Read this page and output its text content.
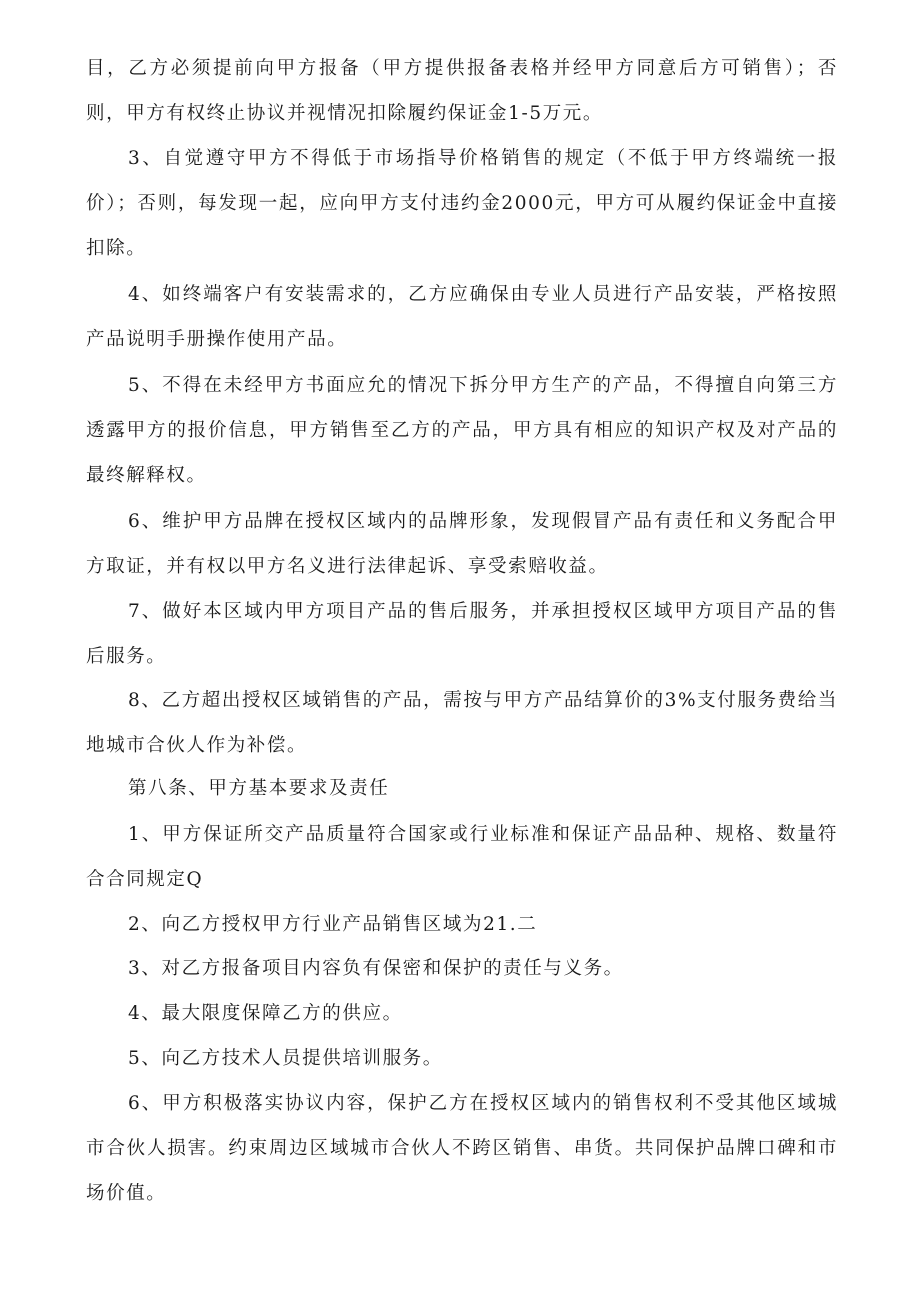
目，乙方必须提前向甲方报备（甲方提供报备表格并经甲方同意后方可销售）；否则，甲方有权终止协议并视情况扣除履约保证金1-5万元。

3、自觉遵守甲方不得低于市场指导价格销售的规定（不低于甲方终端统一报价）；否则，每发现一起，应向甲方支付违约金2000元，甲方可从履约保证金中直接扣除。

4、如终端客户有安装需求的，乙方应确保由专业人员进行产品安装，严格按照产品说明手册操作使用产品。

5、不得在未经甲方书面应允的情况下拆分甲方生产的产品，不得擅自向第三方透露甲方的报价信息，甲方销售至乙方的产品，甲方具有相应的知识产权及对产品的最终解释权。

6、维护甲方品牌在授权区域内的品牌形象，发现假冒产品有责任和义务配合甲方取证，并有权以甲方名义进行法律起诉、享受索赔收益。

7、做好本区域内甲方项目产品的售后服务，并承担授权区域甲方项目产品的售后服务。

8、乙方超出授权区域销售的产品，需按与甲方产品结算价的3%支付服务费给当地城市合伙人作为补偿。

第八条、甲方基本要求及责任

1、甲方保证所交产品质量符合国家或行业标准和保证产品品种、规格、数量符合合同规定Q

2、向乙方授权甲方行业产品销售区域为21.二

3、对乙方报备项目内容负有保密和保护的责任与义务。

4、最大限度保障乙方的供应。

5、向乙方技术人员提供培训服务。

6、甲方积极落实协议内容，保护乙方在授权区域内的销售权利不受其他区域城市合伙人损害。约束周边区域城市合伙人不跨区销售、串货。共同保护品牌口碑和市场价值。
